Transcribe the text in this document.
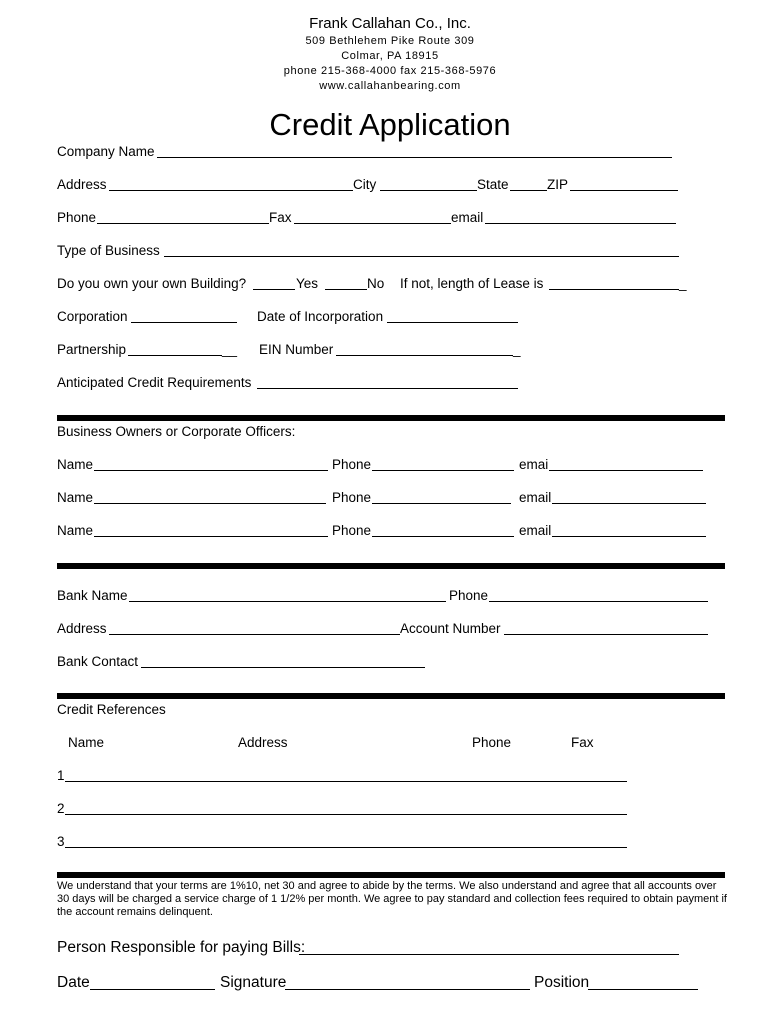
Frank Callahan Co., Inc.
509 Bethlehem Pike Route 309
Colmar, PA 18915
phone 215-368-4000 fax 215-368-5976
www.callahanbearing.com
Credit Application
Company Name
Address	City	State	ZIP
Phone	Fax	email
Type of Business
Do you own your own Building?	Yes	No If not, length of Lease is	_
Corporation	Date of Incorporation
Partnership	__ EIN Number	_
Anticipated Credit Requirements
Business Owners or Corporate Officers:
Name	Phone	emai
Name	Phone	email
Name	Phone	email
Bank Name	Phone
Address	Account Number
Bank Contact
Credit References
Name	Address	Phone	Fax
1
2
3
We understand that your terms are 1%10, net 30 and agree to abide by the terms. We also understand and agree that all accounts over 30 days will be charged a service charge of 1 1/2% per month. We agree to pay standard and collection fees required to obtain payment if the account remains delinquent.
Person Responsible for paying Bills:
Date	Signature	Position
